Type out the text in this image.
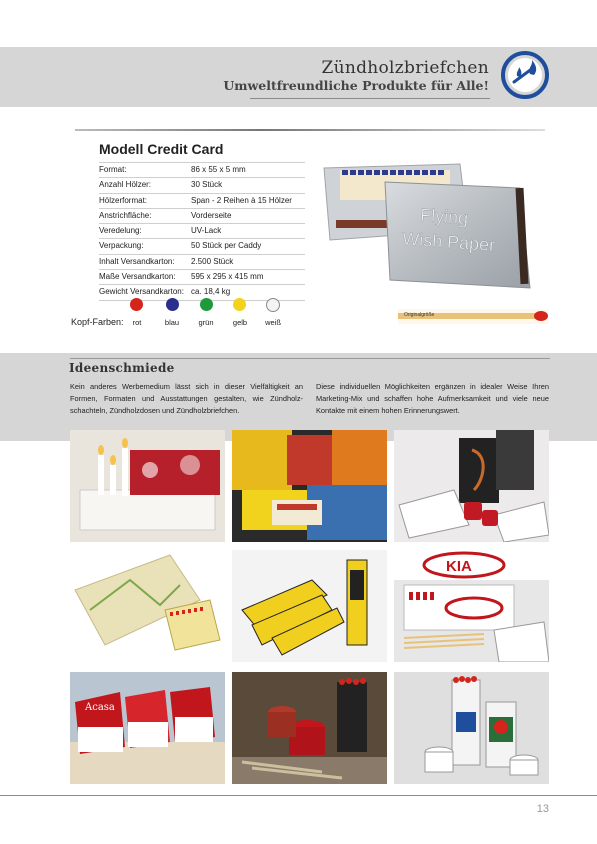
Zündholzbriefchen
Umweltfreundliche Produkte für Alle!
Modell Credit Card
Format:	86 x 55 x 5 mm
Anzahl Hölzer:	30 Stück
Hölzerformat:	Span - 2 Reihen à 15 Hölzer
Anstrichfläche:	Vorderseite
Veredelung:	UV-Lack
Verpackung:	50 Stück per Caddy
Inhalt Versandkarton:	2.500 Stück
Maße Versandkarton:	595 x 295 x 415 mm
Gewicht Versandkarton: ca. 18,4 kg
Kopf-Farben:	rot	blau	grün	gelb	weiß
Flying
Wish Paper
Originalgröße
Ideenschmiede
Kein anderes Werbemedium lässt sich in dieser Vielfältigkeit an Formen, Formaten und Ausstattungen gestalten, wie Zündholz-schachteln, Zündholzdosen und Zündholzbriefchen.
Diese individuellen Möglichkeiten ergänzen in idealer Weise Ihren Marketing-Mix und schaffen hohe Aufmerksamkeit und viele neue Kontakte mit einem hohen Erinnerungswert.
KIA
Acasa
13
